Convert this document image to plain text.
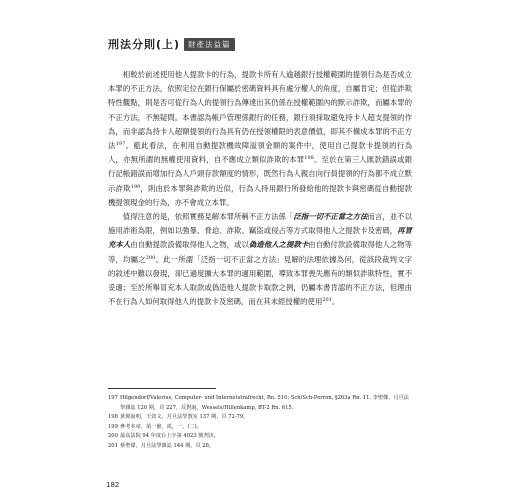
刑法分則(上)	財產法益篇

相較於前述使用他人提款卡的行為，提款卡所有人逾越銀行授權範圍的提領行為是否成立本罪的不正方法，依照定位在銀行保屬於密碼資料具有處分權人的角度，自屬肯定；但從詐欺特性觀點，則是否可從行為人的提領行為傳達出其仍係在授權範圍內的默示詐欺，而屬本罪的不正方法，不無疑問。本書認為帳戶管理係銀行的任務，銀行須採取避免持卡人超支提領的作為，而非認為持卡人超額提領的行為具有仍在授領權限的表意價值，即其不構成本罪的不正方法$^{197}$。藍此看法，在利用自動提款機故障溢領金額的案件中，使用自己提款卡提領的行為人，亦無所謂的無權使用資料，自不應成立類似詐欺的本罪$^{198}$。至於在第三人匯款錯誤或銀行記帳錯誤而增加行為人戶頭存款額度的情形，既然行為人親自向行員提領的行為都不成立默示詐欺$^{199}$，則由於本罪與詐欺的近似，行為人持用銀行所發給他的提款卡與密碼從自動提款機提領現金的行為，亦不會成立本罪。

值得注意的是，依照實務見解本罪所稱不正方法係「泛指一切不正當之方法而言，並不以施用詐術為限，例如以強暴、脅迫、詐欺、竊盜或侵占等方式取得他人之提款卡及密碼，再冒充本人由自動提款設備取得他人之物，或以偽造他人之提款卡由自動付款設備取得他人之物等等，均屬之$^{200}$。此一所謂「泛指一切不正當之方法」見解的法理依據為何，從該段裁判文字的敘述中難以發現，卻已過度擴大本罪的適用範圍，導致本罪喪失應有的類似詐欺特性，實不妥適；至於所舉冒充本人取款或偽造他人提款卡取款之例，仍屬本書肯認的不正方法，但理由不在行為人如何取得他人的提款卡及密碼，而在其未經授權的使用$^{201}$。

197 Hilgendorf/Valerius, Computer- und Internetstrafrecht, Rn. 510; Sch/Sch-Perron, §263a Rn. 11. 李聖傑，月旦法學雜誌 120 期，頁 227，反對說，Wessels/Hillenkamp, BT-2 Rn. 615.
198 黃仰說明，王效文，月旦法學教室 137 期，頁 72-79。
199 參考本章，第一節，貳，一，(二)。
200 最高法院 94 年度台上字第 4023 號判決。
201 蔡聖偉，月旦法學雜誌 144 期，頁 28。
182
